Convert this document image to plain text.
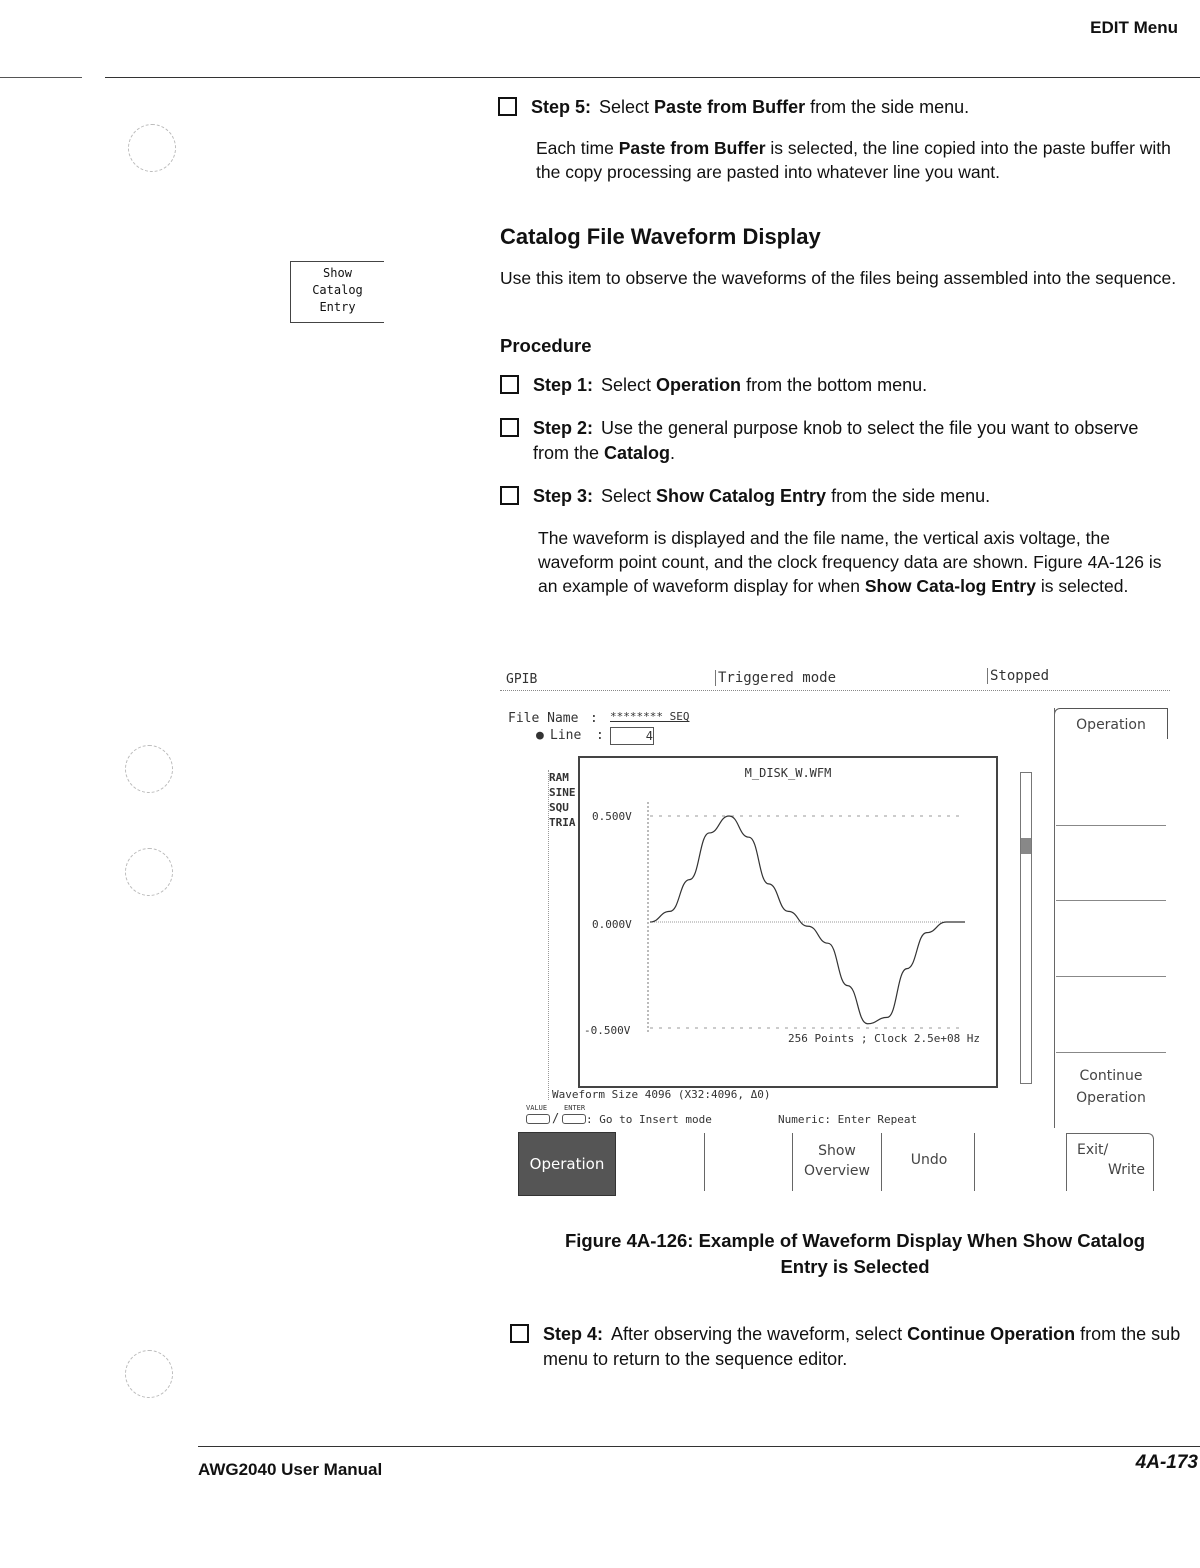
EDIT Menu
Step 5: Select Paste from Buffer from the side menu.
Each time Paste from Buffer is selected, the line copied into the paste buffer with the copy processing are pasted into whatever line you want.
Catalog File Waveform Display
Use this item to observe the waveforms of the files being assembled into the sequence.
Procedure
Show
Catalog
Entry
Step 1: Select Operation from the bottom menu.
Step 2: Use the general purpose knob to select the file you want to observe from the Catalog.
Step 3: Select Show Catalog Entry from the side menu.
The waveform is displayed and the file name, the vertical axis voltage, the waveform point count, and the clock frequency data are shown. Figure 4A-126 is an example of waveform display for when Show Cata-log Entry is selected.
GPIB	Triggered mode	Stopped
File Name : ******** SEQ
● Line :	4
RAM
SINE
SQU
TRIA
M_DISK_W.WFM
0.500V
0.000V
-0.500V
256 Points ; Clock 2.5e+08 Hz
Waveform Size 4096 (X32:4096, Δ0)
VALUE ENTER
/ : Go to Insert mode	Numeric: Enter Repeat
Operation
Continue
Operation
Operation
Show
Overview
Undo
Exit/
Write
Figure 4A-126: Example of Waveform Display When Show Catalog
Entry is Selected
Step 4: After observing the waveform, select Continue Operation from the sub menu to return to the sequence editor.
AWG2040 User Manual	4A-173
